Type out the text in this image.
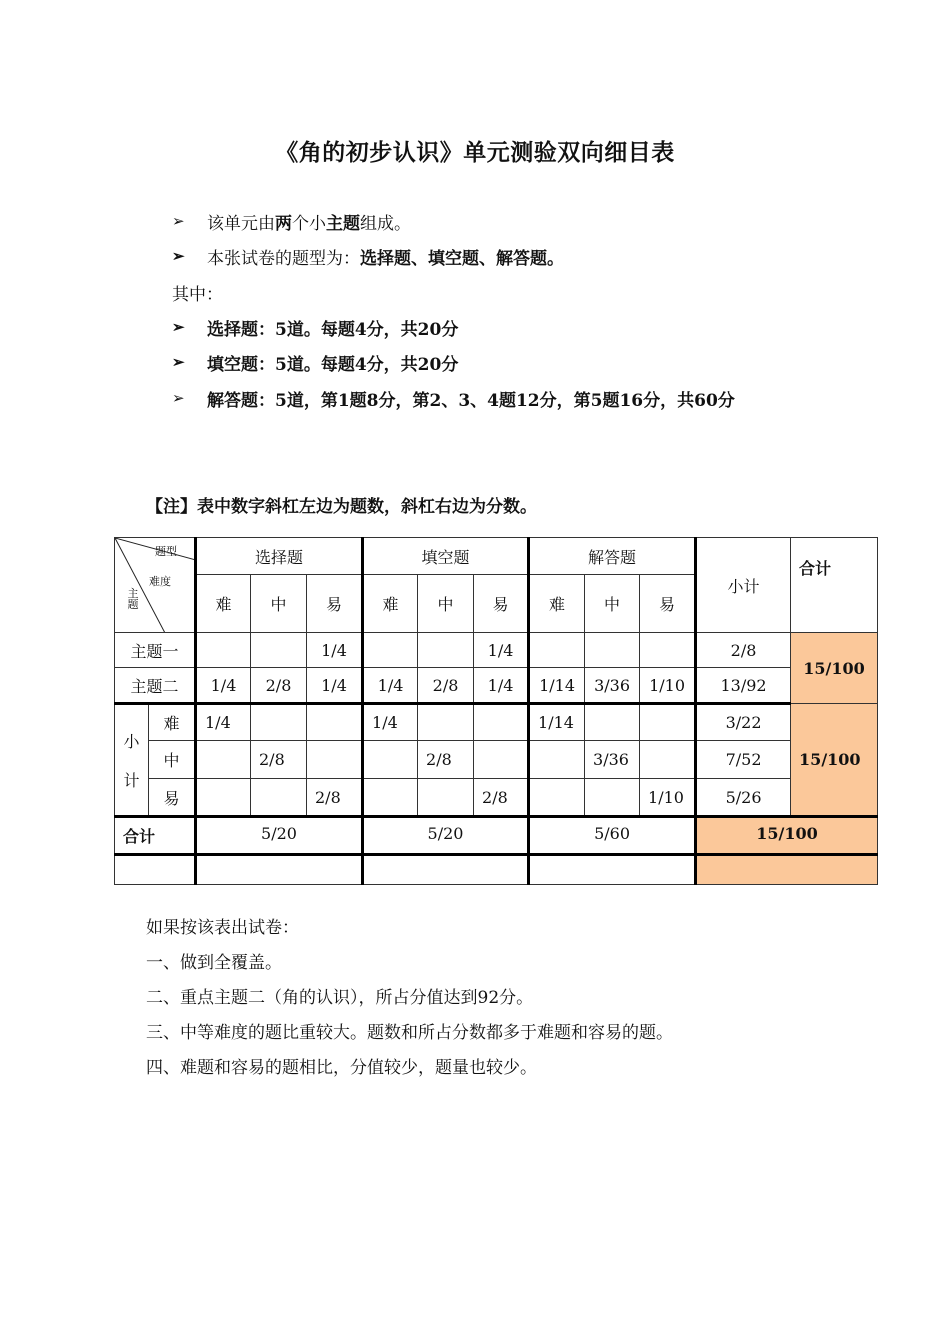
《角的初步认识》单元测验双向细目表
➢ 该单元由两个小主题组成。
➢ 本张试卷的题型为：选择题、填空题、解答题。
其中：
➢ 选择题：5道。每题4分，共20分
➢ 填空题：5道。每题4分，共20分
➢ 解答题：5道，第1题8分，第2、3、4题12分，第5题16分，共60分
【注】表中数字斜杠左边为题数，斜杠右边为分数。
题型
难度
主题		选择题			填空题			解答题			小计	合计
		难	中	易	难	中	易	难	中	易		
主题一				1/4			1/4				2/8	15/100
主题二		1/4	2/8	1/4	1/4	2/8	1/4	1/14	3/36	1/10	13/92	

小
计	难	1/4			1/4			1/14			3/22	15/100
	中		2/8			2/8			3/36		7/52	
	易			2/8			2/8			1/10	5/26	
合计		5/20			5/20			5/60			15/100	

如果按该表出试卷：
一、做到全覆盖。
二、重点主题二（角的认识），所占分值达到92分。
三、中等难度的题比重较大。题数和所占分数都多于难题和容易的题。
四、难题和容易的题相比，分值较少，题量也较少。
